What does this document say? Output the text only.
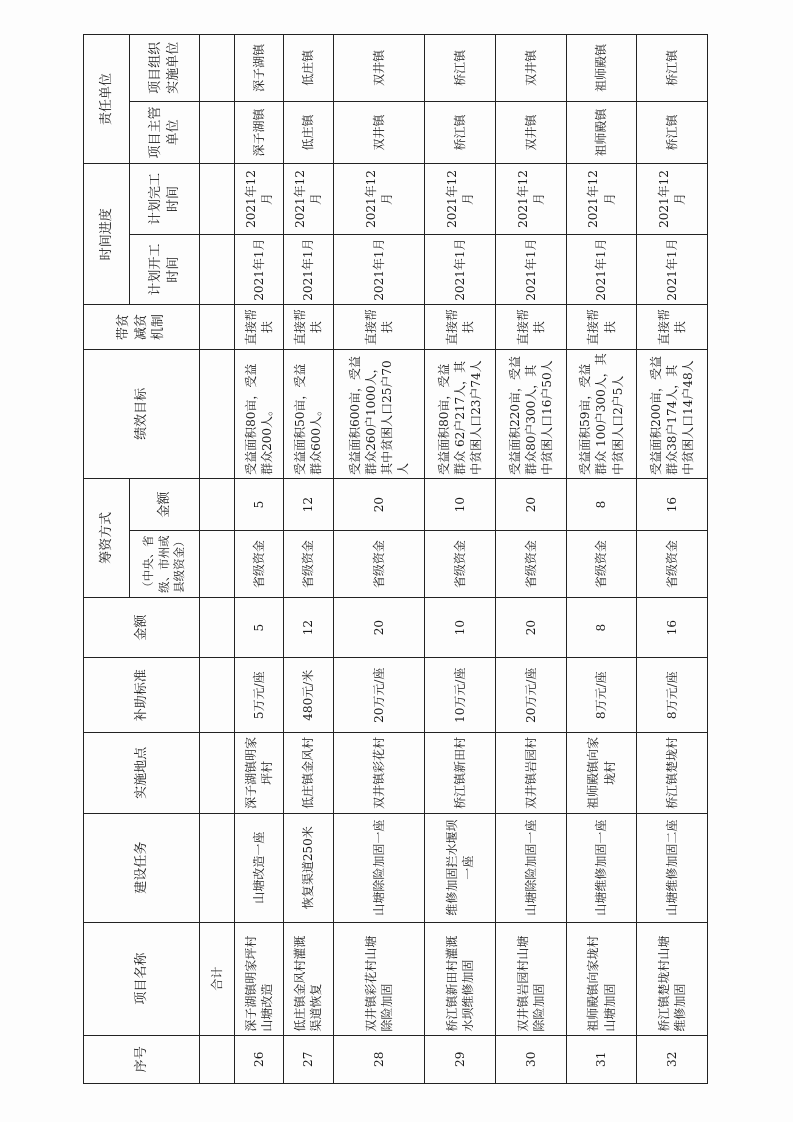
序号	项目名称	建设任务	实施地点	补助标准	金额	筹资方式		绩效目标	带贫减贫机制	时间进度		责任单位	
						（中央、省级、市州或县级资金）	金额			计划开工时间	计划完工时间	项目主管单位	项目组织实施单位
	合计												
26	深子湖镇明家坪村山塘改造	山塘改造一座	深子湖镇明家坪村	5万元/座	5	省级资金	5	受益面积80亩，受益群众200人。	直接帮扶	2021年1月	2021年12月	深子湖镇	深子湖镇
27	低庄镇金风村灌溉渠道恢复	恢复渠道250米	低庄镇金风村	480元/米	12	省级资金	12	受益面积50亩，受益群众600人。	直接帮扶	2021年1月	2021年12月	低庄镇	低庄镇
28	双井镇彩花村山塘除险加固	山塘除险加固一座	双井镇彩花村	20万元/座	20	省级资金	20	受益面积600亩，受益群众260户1000人，其中贫困人口25户70人	直接帮扶	2021年1月	2021年12月	双井镇	双井镇
29	桥江镇新田村灌溉水坝维修加固	维修加固拦水堰坝一座	桥江镇新田村	10万元/座	10	省级资金	10	受益面积80亩，受益群众 62户217人，其中贫困人口23户74人	直接帮扶	2021年1月	2021年12月	桥江镇	桥江镇
30	双井镇岩园村山塘除险加固	山塘除险加固一座	双井镇岩园村	20万元/座	20	省级资金	20	受益面积220亩，受益群众80户300人，其中贫困人口16户50人	直接帮扶	2021年1月	2021年12月	双井镇	双井镇
31	祖师殿镇向家垅村山塘加固	山塘维修加固一座	祖师殿镇向家垅村	8万元/座	8	省级资金	8	受益面积59亩，受益群众 100户300人，其中贫困人口2户5人	直接帮扶	2021年1月	2021年12月	祖师殿镇	祖师殿镇
32	桥江镇楚垅村山塘维修加固	山塘维修加固二座	桥江镇楚垅村	8万元/座	16	省级资金	16	受益面积200亩，受益群众38户174人，其中贫困人口14户48人	直接帮扶	2021年1月	2021年12月	桥江镇	桥江镇
